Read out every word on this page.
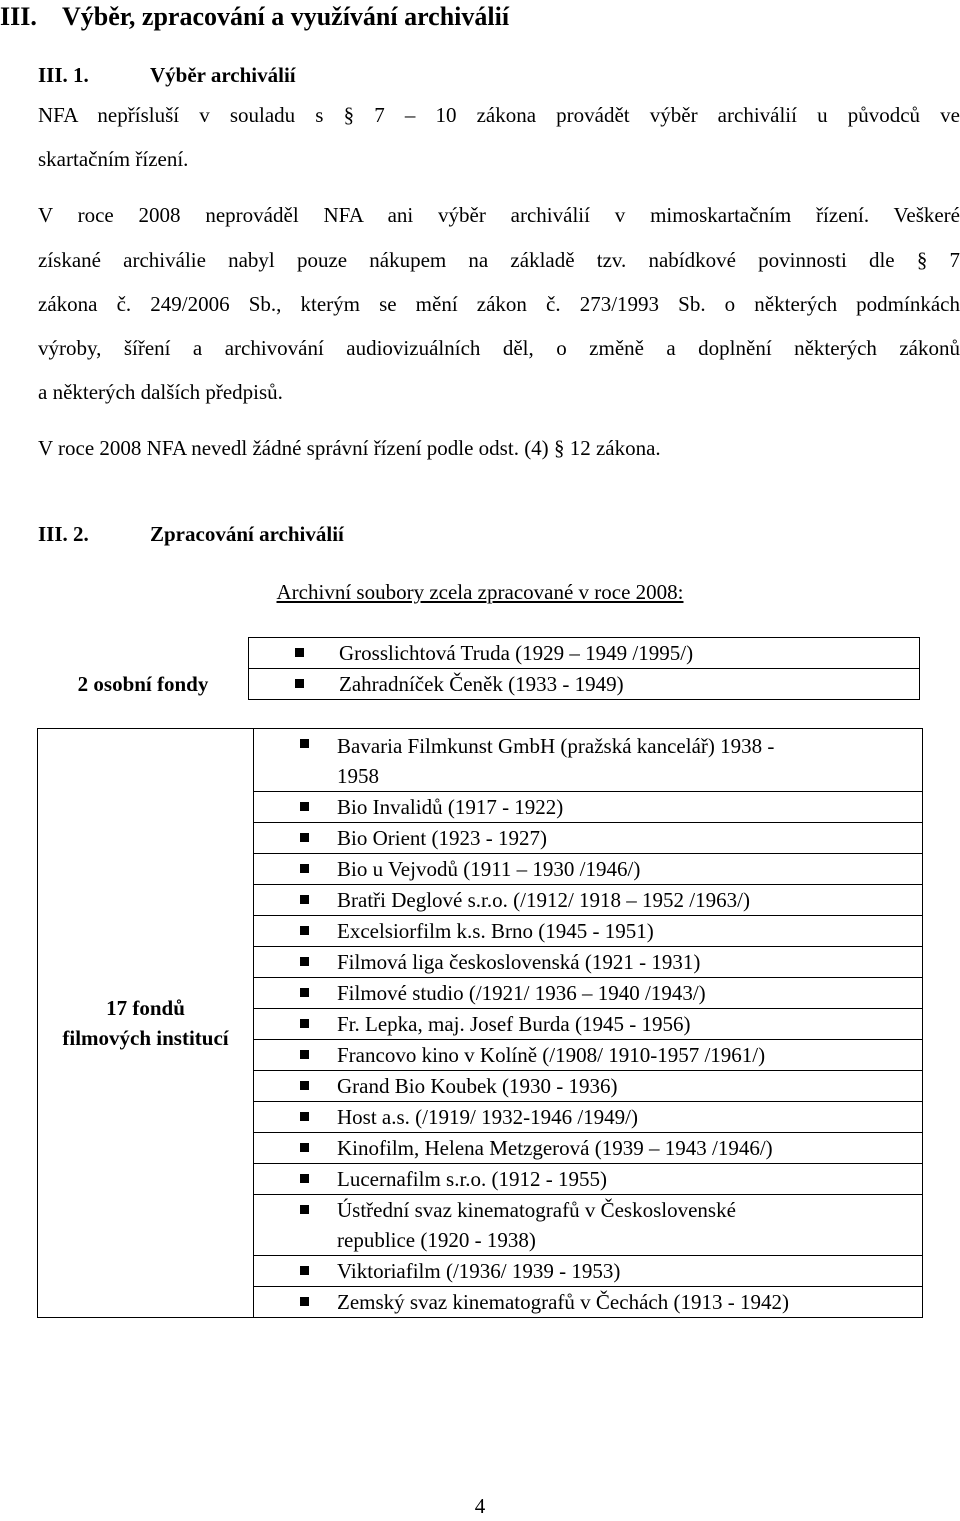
III. Výběr, zpracování a využívání archiválií
III. 1.	Výběr archiválií
NFA nepřísluší v souladu s § 7 – 10 zákona provádět výběr archiválií u původců ve
skartačním řízení.
V roce 2008 neprováděl NFA ani výběr archiválií v mimoskartačním řízení. Veškeré
získané archiválie nabyl pouze nákupem na základě tzv. nabídkové povinnosti dle § 7
zákona č. 249/2006 Sb., kterým se mění zákon č. 273/1993 Sb. o některých podmínkách
výroby, šíření a archivování audiovizuálních děl, o změně a doplnění některých zákonů
a některých dalších předpisů.
V roce 2008 NFA nevedl žádné správní řízení podle odst. (4) § 12 zákona.
III. 2.	Zpracování archiválií
Archivní soubory zcela zpracované v roce 2008:
2 osobní fondy	
Grosslichtová Truda (1929 – 1949 /1995/)
Zahradníček Čeněk (1933 - 1949)
17 fondů
filmových institucí

Bavaria Filmkunst GmbH (pražská kancelář) 1938 -
1958
Bio Invalidů (1917 - 1922)
Bio Orient (1923 - 1927)
Bio u Vejvodů (1911 – 1930 /1946/)
Bratři Deglové s.r.o. (/1912/ 1918 – 1952 /1963/)
Excelsiorfilm k.s. Brno (1945 - 1951)
Filmová liga československá (1921 - 1931)
Filmové studio (/1921/ 1936 – 1940 /1943/)
Fr. Lepka, maj. Josef Burda (1945 - 1956)
Francovo kino v Kolíně (/1908/ 1910-1957 /1961/)
Grand Bio Koubek (1930 - 1936)
Host a.s. (/1919/ 1932-1946 /1949/)
Kinofilm, Helena Metzgerová (1939 – 1943 /1946/)
Lucernafilm s.r.o. (1912 - 1955)
Ústřední svaz kinematografů v Československé
republice (1920 - 1938)
Viktoriafilm (/1936/ 1939 - 1953)
Zemský svaz kinematografů v Čechách (1913 - 1942)
4
